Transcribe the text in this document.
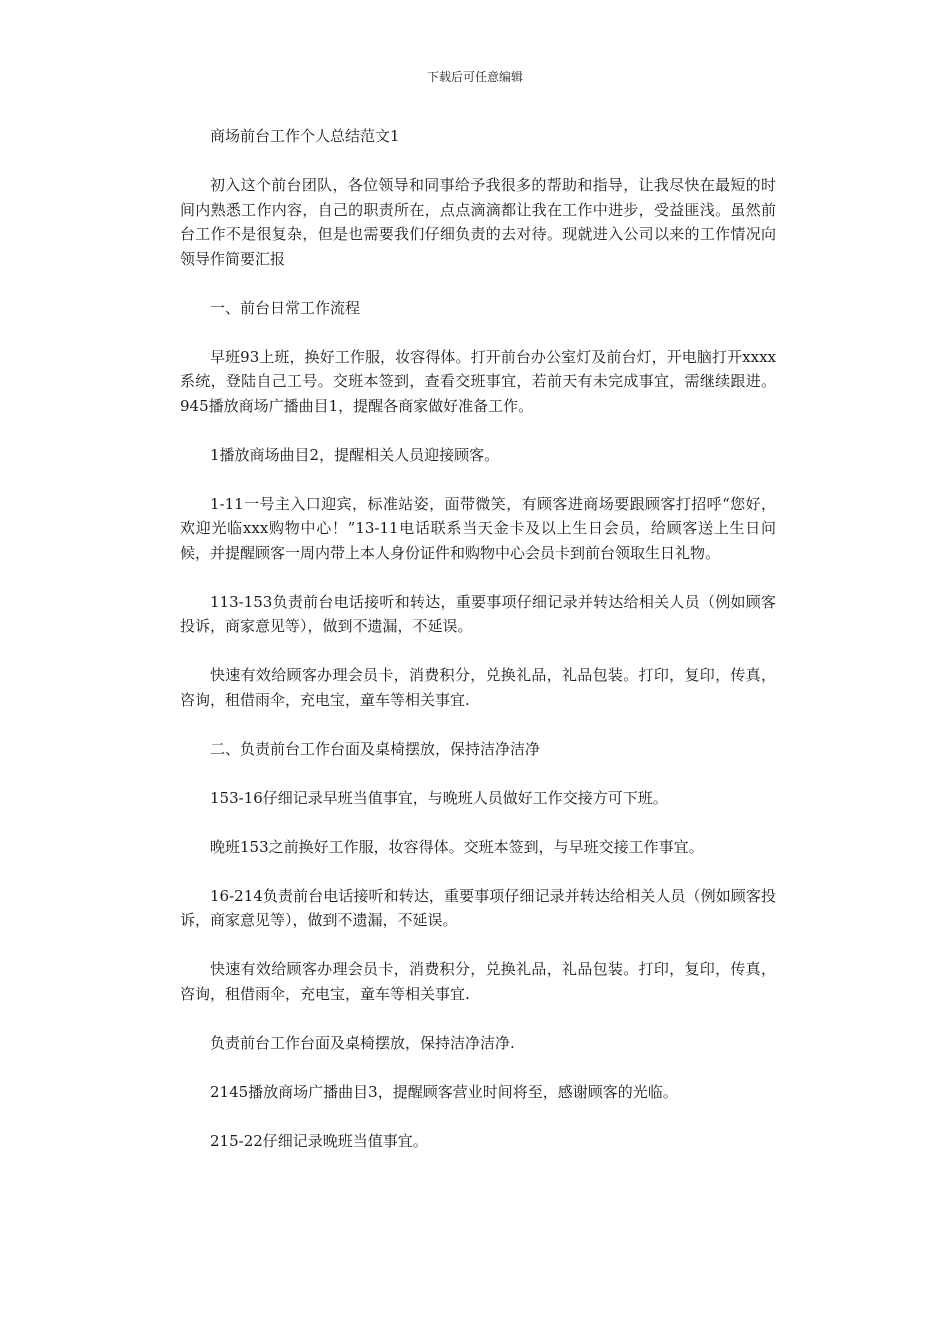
下载后可任意编辑

商场前台工作个人总结范文1

初入这个前台团队，各位领导和同事给予我很多的帮助和指导，让我尽快在最短的时间内熟悉工作内容，自己的职责所在，点点滴滴都让我在工作中进步，受益匪浅。虽然前台工作不是很复杂，但是也需要我们仔细负责的去对待。现就进入公司以来的工作情况向领导作简要汇报

一、前台日常工作流程

早班93上班，换好工作服，妆容得体。打开前台办公室灯及前台灯，开电脑打开xxxx系统，登陆自己工号。交班本签到，查看交班事宜，若前天有未完成事宜，需继续跟进。945播放商场广播曲目1，提醒各商家做好准备工作。

1播放商场曲目2，提醒相关人员迎接顾客。

1-11一号主入口迎宾，标准站姿，面带微笑，有顾客进商场要跟顾客打招呼“您好，欢迎光临xxx购物中心！”13-11电话联系当天金卡及以上生日会员，给顾客送上生日问候，并提醒顾客一周内带上本人身份证件和购物中心会员卡到前台领取生日礼物。

113-153负责前台电话接听和转达，重要事项仔细记录并转达给相关人员（例如顾客投诉，商家意见等），做到不遗漏，不延误。

快速有效给顾客办理会员卡，消费积分，兑换礼品，礼品包装。打印，复印，传真，咨询，租借雨伞，充电宝，童车等相关事宜.

二、负责前台工作台面及桌椅摆放，保持洁净洁净

153-16仔细记录早班当值事宜，与晚班人员做好工作交接方可下班。

晚班153之前换好工作服，妆容得体。交班本签到，与早班交接工作事宜。

16-214负责前台电话接听和转达，重要事项仔细记录并转达给相关人员（例如顾客投诉，商家意见等），做到不遗漏，不延误。

快速有效给顾客办理会员卡，消费积分，兑换礼品，礼品包装。打印，复印，传真，咨询，租借雨伞，充电宝，童车等相关事宜.

负责前台工作台面及桌椅摆放，保持洁净洁净.

2145播放商场广播曲目3，提醒顾客营业时间将至，感谢顾客的光临。

215-22仔细记录晚班当值事宜。
